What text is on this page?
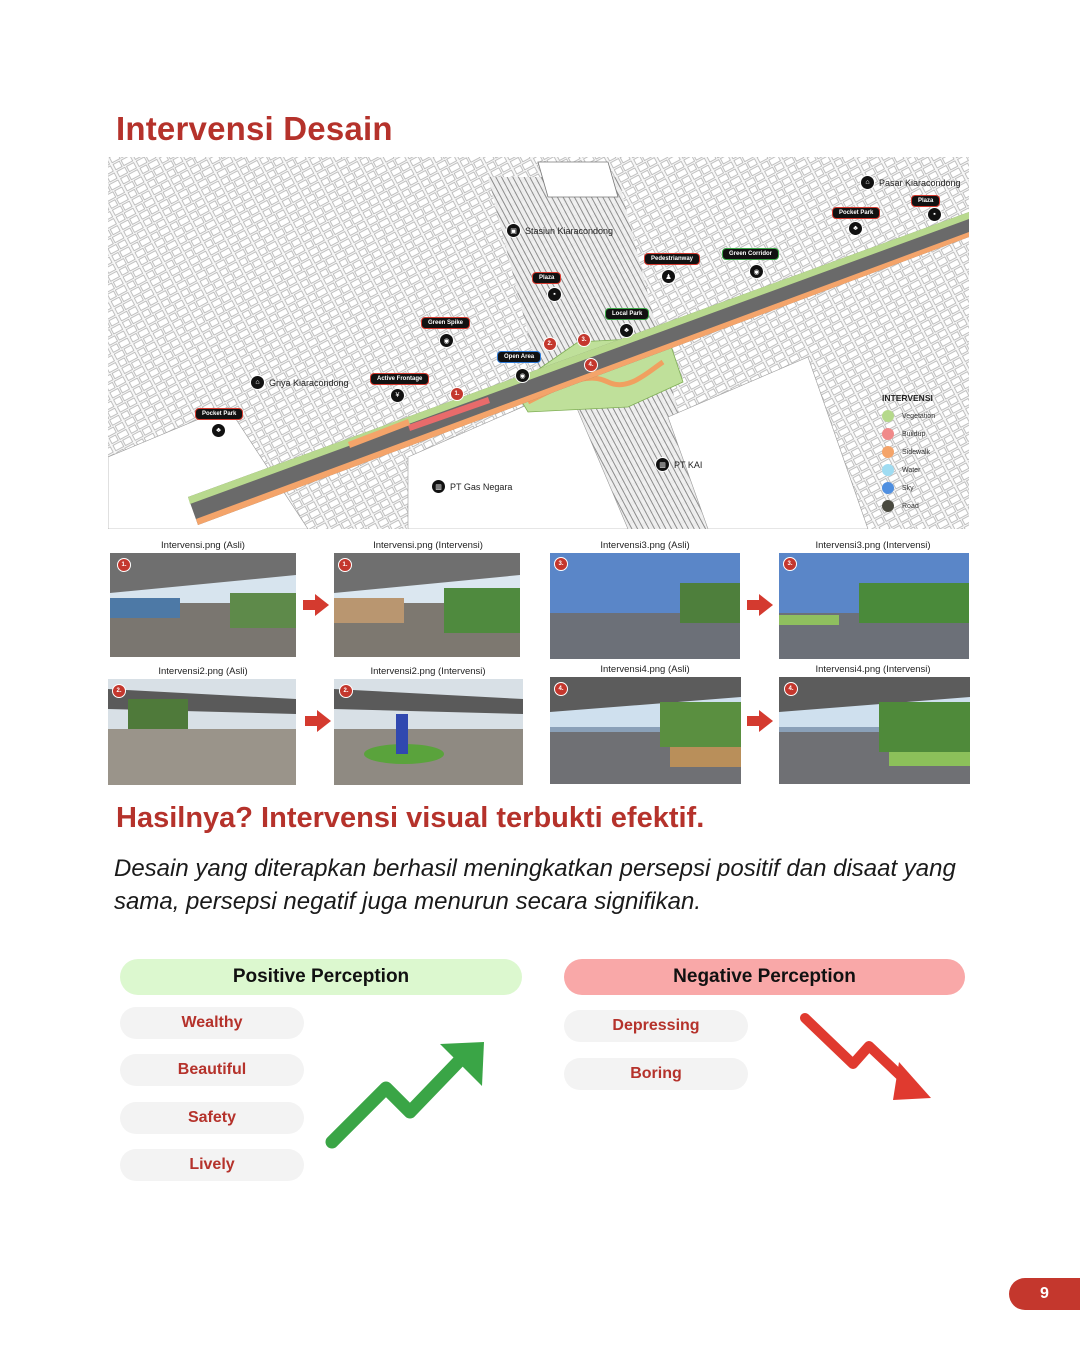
Intervensi Desain
⌂	Pasar Kiaracondong
▣ Stasiun Kiaracondong
⌂	Griya Kiaracondong
▥ PT Gas Negara
▥ PT KAI
Pocket Park
♣
Plaza
▪
Pedestrianway
♟
Green Corridor
◉
Plaza
▪
Local Park
♣
Green Spike
◉
Open Area
◉
Active Frontage
¥
Pocket Park
♣
1.
2.
3.
4.
INTERVENSI
Vegetation
Buildup
Sidewalk
Water
Sky
Road
Intervensi.png (Asli)	Intervensi.png (Intervensi)	Intervensi3.png (Asli)	Intervensi3.png (Intervensi)
1.	1.	3.	3.
Intervensi2.png (Asli)	Intervensi2.png (Intervensi)	Intervensi4.png (Asli)	Intervensi4.png (Intervensi)
2.	2.	4.	4.
Hasilnya? Intervensi visual terbukti efektif.

Desain yang diterapkan berhasil meningkatkan persepsi positif dan disaat yang sama, persepsi negatif juga menurun secara signifikan.

Positive Perception
Wealthy
Beautiful
Safety
Lively
Negative Perception
Depressing
Boring
9
